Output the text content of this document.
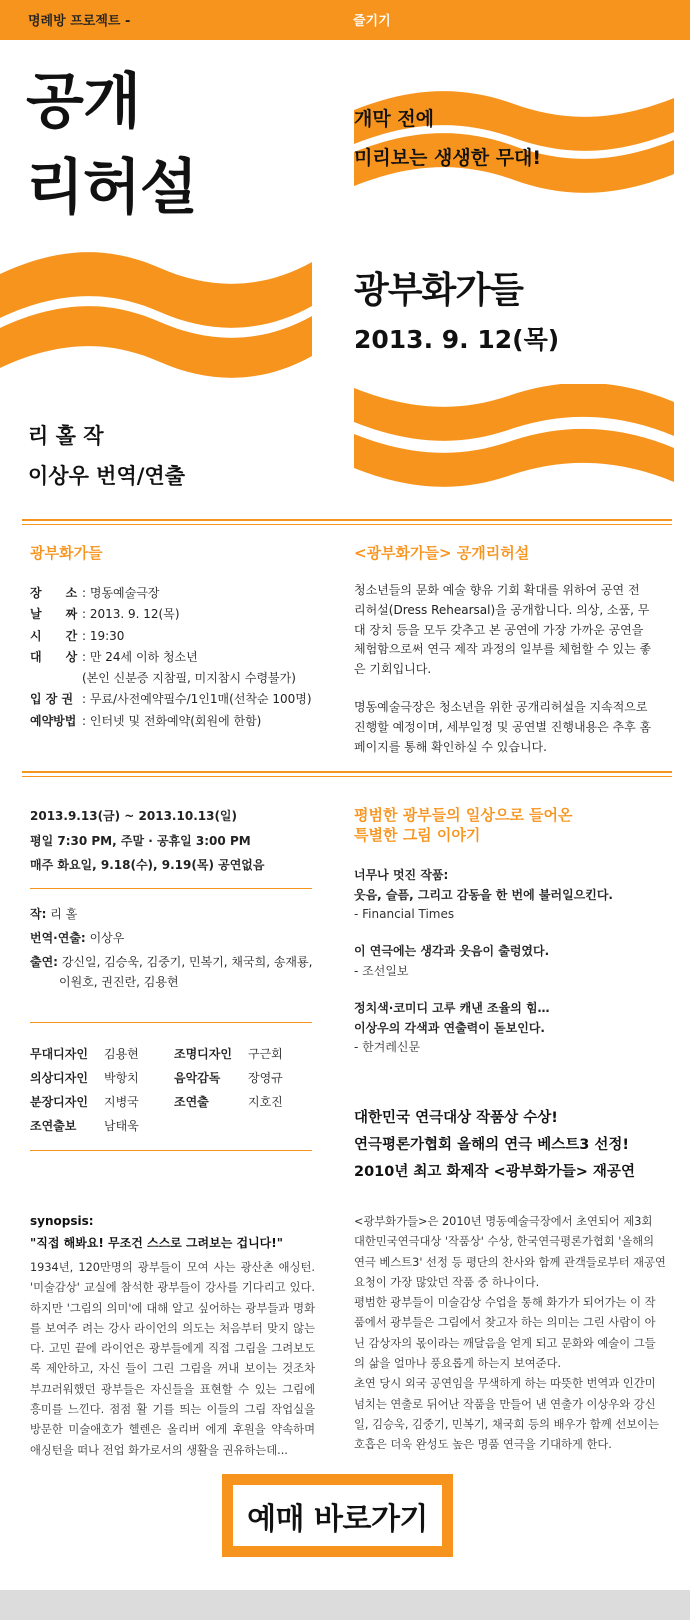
명례방 프로젝트 -	즐기기
공개
리허설
개막 전에
미리보는 생생한 무대!
광부화가들
2013. 9. 12(목)
리 홀 작
이상우 번역/연출
광부화가들
장　　소 : 명동예술극장
날　　짜 : 2013. 9. 12(목)
시　　간 : 19:30
대　　상 : 만 24세 이하 청소년
(본인 신분증 지참필, 미지참시 수령불가)
입 장 권 : 무료/사전예약필수/1인1매(선착순 100명)
예약방법 : 인터넷 및 전화예약(회원에 한함)
<광부화가들> 공개리허설
청소년들의 문화 예술 향유 기회 확대를 위하여 공연 전 리허설(Dress Rehearsal)을 공개합니다. 의상, 소품, 무대 장치 등을 모두 갖추고 본 공연에 가장 가까운 공연을 체험함으로써 연극 제작 과정의 일부를 체험할 수 있는 좋은 기회입니다.
명동예술극장은 청소년을 위한 공개리허설을 지속적으로 진행할 예정이며, 세부일정 및 공연별 진행내용은 추후 홈페이지를 통해 확인하실 수 있습니다.
2013.9.13(금) ~ 2013.10.13(일)
평일 7:30 PM, 주말 · 공휴일 3:00 PM
매주 화요일, 9.18(수), 9.19(목) 공연없음
작: 리 홀
번역·연출: 이상우
출연: 강신일, 김승욱, 김중기, 민복기, 채국희, 송재룡,
이원호, 권진란, 김용현
무대디자인 김용현	조명디자인 구근회
의상디자인 박항치	음악감독 장영규
분장디자인 지병국	조연출	지호진
조연출보 남태욱
평범한 광부들의 일상으로 들어온
특별한 그림 이야기
너무나 멋진 작품:
웃음, 슬픔, 그리고 감동을 한 번에 불러일으킨다.
- Financial Times
이 연극에는 생각과 웃음이 출렁였다.
- 조선일보
정치색·코미디 고루 캐낸 조율의 힘…
이상우의 각색과 연출력이 돋보인다.
- 한겨레신문
대한민국 연극대상 작품상 수상!
연극평론가협회 올해의 연극 베스트3 선정!
2010년 최고 화제작 <광부화가들> 재공연
synopsis:
"직접 해봐요! 무조건 스스로 그려보는 겁니다!"
1934년, 120만명의 광부들이 모여 사는 광산촌 애싱턴. '미술감상' 교실에 참석한 광부들이 강사를 기다리고 있다. 하지만 '그림의 의미'에 대해 알고 싶어하는 광부들과 명화를 보여주 려는 강사 라이언의 의도는 처음부터 맞지 않는다. 고민 끝에 라이언은 광부들에게 직접 그림을 그려보도록 제안하고, 자신 들이 그린 그림을 꺼내 보이는 것조차 부끄러워했던 광부들은 자신들을 표현할 수 있는 그림에 흥미를 느낀다. 점점 활 기를 띄는 이들의 그림 작업실을 방문한 미술애호가 헬렌은 올리버 에게 후원을 약속하며 애싱턴을 떠나 전업 화가로서의 생활을 권유하는데...
<광부화가들>은 2010년 명동예술극장에서 초연되어 제3회 대한민국연극대상 '작품상' 수상, 한국연극평론가협회 '올해의 연극 베스트3' 선정 등 평단의 찬사와 함께 관객들로부터 재공연 요청이 가장 많았던 작품 중 하나이다.
평범한 광부들이 미술감상 수업을 통해 화가가 되어가는 이 작품에서 광부들은 그림에서 찾고자 하는 의미는 그린 사람이 아닌 감상자의 몫이라는 깨달음을 얻게 되고 문화와 예술이 그들의 삶을 얼마나 풍요롭게 하는지 보여준다.
초연 당시 외국 공연임을 무색하게 하는 따뜻한 번역과 인간미 넘치는 연출로 뒤어난 작품을 만들어 낸 연출가 이상우와 강신일, 김승욱, 김중기, 민복기, 채국희 등의 배우가 함께 선보이는 호흡은 더욱 완성도 높은 명품 연극을 기대하게 한다.
예매 바로가기
